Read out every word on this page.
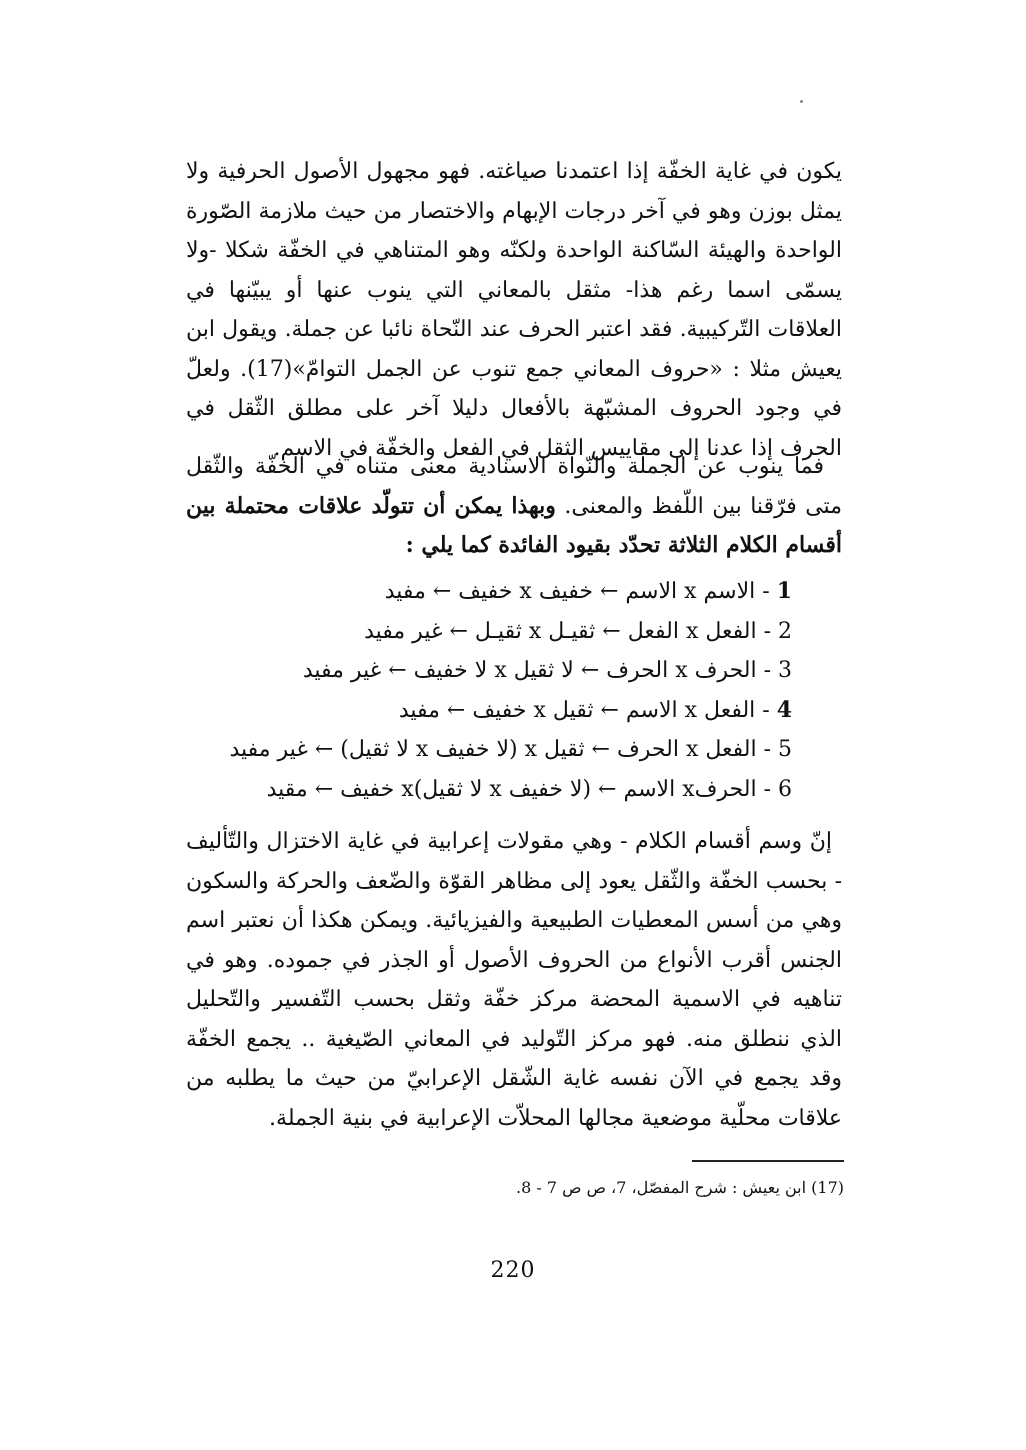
يكون في غاية الخفّة إذا اعتمدنا صياغته. فهو مجهول الأصول الحرفية ولا يمثل بوزن وهو في آخر درجات الإبهام والاختصار من حيث ملازمة الصّورة الواحدة والهيئة السّاكنة الواحدة ولكنّه وهو المتناهي في الخفّة شكلا -ولا يسمّى اسما رغم هذا- مثقل بالمعاني التي ينوب عنها أو يبيّنها في العلاقات التّركيبية. فقد اعتبر الحرف عند النّحاة نائبا عن جملة. ويقول ابن يعيش مثلا : «حروف المعاني جمع تنوب عن الجمل التوامّ»(17). ولعلّ في وجود الحروف المشبّهة بالأفعال دليلا آخر على مطلق الثّقل في الحرف إذا عدنا إلى مقاييس الثقل في الفعل والخفّة في الاسم.

فما ينوب عن الجملة والنّواة الاسنادية معنى متناه في الخفّة والثّقل متى فرّقنا بين اللّفظ والمعنى. وبهذا يمكن أن تتولّد علاقات محتملة بين أقسام الكلام الثلاثة تحدّد بقيود الفائدة كما يلي :

1 - الاسم x الاسم ← خفيف x خفيف ← مفيد
2 - الفعل x الفعل ← ثقيـل x ثقيـل ← غير مفيد
3 - الحرف x الحرف ← لا ثقيل x لا خفيف ← غير مفيد
4 - الفعل x الاسم ← ثقيل x خفيف ← مفيد
5 - الفعل x الحرف ← ثقيل x (لا خفيف x لا ثقيل) ← غير مفيد
6 - الحرفx الاسم ← (لا خفيف x لا ثقيل)x خفيف ← مقيد

إنّ وسم أقسام الكلام - وهي مقولات إعرابية في غاية الاختزال والتّأليف - بحسب الخفّة والثّقل يعود إلى مظاهر القوّة والضّعف والحركة والسكون وهي من أسس المعطيات الطبيعية والفيزيائية. ويمكن هكذا أن نعتبر اسم الجنس أقرب الأنواع من الحروف الأصول أو الجذر في جموده. وهو في تناهيه في الاسمية المحضة مركز خفّة وثقل بحسب التّفسير والتّحليل الذي ننطلق منه. فهو مركز التّوليد في المعاني الصّيغية .. يجمع الخفّة وقد يجمع في الآن نفسه غاية الشّقل الإعرابيّ من حيث ما يطلبه من علاقات محلّية موضعية مجالها المحلاّت الإعرابية في بنية الجملة.

(17) ابن يعيش : شرح المفصّل، 7، ص ص 7 - 8.
220
